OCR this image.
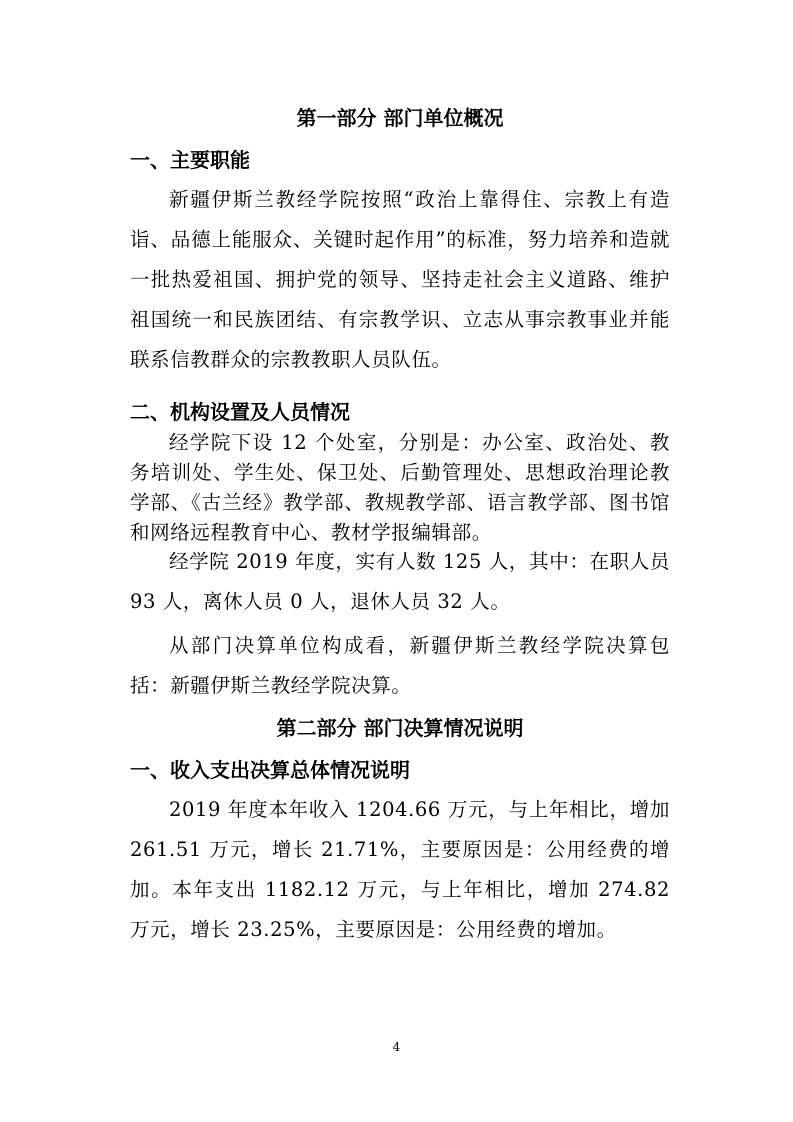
第一部分 部门单位概况
一、主要职能

新疆伊斯兰教经学院按照“政治上靠得住、宗教上有造诣、品德上能服众、关键时起作用”的标准，努力培养和造就一批热爱祖国、拥护党的领导、坚持走社会主义道路、维护祖国统一和民族团结、有宗教学识、立志从事宗教事业并能联系信教群众的宗教教职人员队伍。

二、机构设置及人员情况

经学院下设 12 个处室，分别是：办公室、政治处、教务培训处、学生处、保卫处、后勤管理处、思想政治理论教学部、《古兰经》教学部、教规教学部、语言教学部、图书馆和网络远程教育中心、教材学报编辑部。

经学院 2019 年度，实有人数 125 人，其中：在职人员 93 人，离休人员 0 人，退休人员 32 人。

从部门决算单位构成看，新疆伊斯兰教经学院决算包括：新疆伊斯兰教经学院决算。

第二部分 部门决算情况说明
一、收入支出决算总体情况说明

2019 年度本年收入 1204.66 万元，与上年相比，增加 261.51 万元，增长 21.71%，主要原因是：公用经费的增加。本年支出 1182.12 万元，与上年相比，增加 274.82 万元，增长 23.25%，主要原因是：公用经费的增加。

4
